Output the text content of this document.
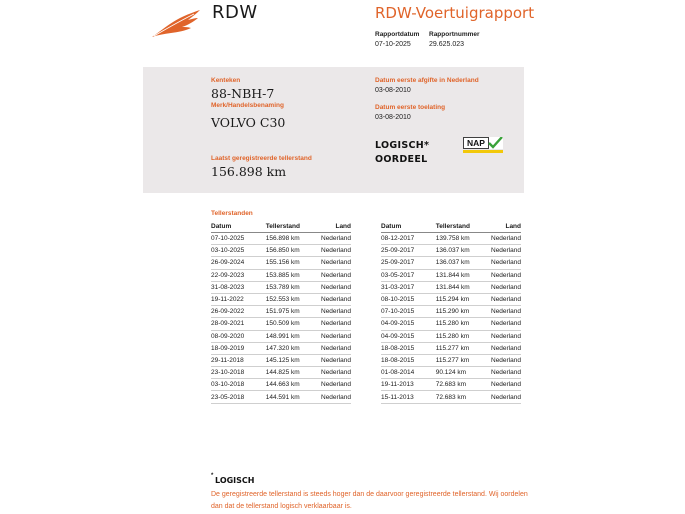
RDW	RDW-Voertuigrapport
Rapportdatum
07-10-2025
Rapportnummer
29.625.023
Kenteken
88-NBH-7
Merk/Handelsbenaming
VOLVO C30
Laatst geregistreerde tellerstand
156.898 km
Datum eerste afgifte in Nederland
03-08-2010
Datum eerste toelating
03-08-2010
LOGISCH*
OORDEEL
NAP
Tellerstanden
Datum	Tellerstand	Land
07-10-2025	156.898 km	Nederland
03-10-2025	156.850 km	Nederland
26-09-2024	155.156 km	Nederland
22-09-2023	153.885 km	Nederland
31-08-2023	153.789 km	Nederland
19-11-2022	152.553 km	Nederland
26-09-2022	151.975 km	Nederland
28-09-2021	150.509 km	Nederland
08-09-2020	148.991 km	Nederland
18-09-2019	147.320 km	Nederland
29-11-2018	145.125 km	Nederland
23-10-2018	144.825 km	Nederland
03-10-2018	144.663 km	Nederland
23-05-2018	144.591 km	Nederland
Datum	Tellerstand	Land
08-12-2017	139.758 km	Nederland
25-09-2017	136.037 km	Nederland
25-09-2017	136.037 km	Nederland
03-05-2017	131.844 km	Nederland
31-03-2017	131.844 km	Nederland
08-10-2015	115.294 km	Nederland
07-10-2015	115.290 km	Nederland
04-09-2015	115.280 km	Nederland
04-09-2015	115.280 km	Nederland
18-08-2015	115.277 km	Nederland
18-08-2015	115.277 km	Nederland
01-08-2014	90.124 km	Nederland
19-11-2013	72.683 km	Nederland
15-11-2013	72.683 km	Nederland
* LOGISCH
De geregistreerde tellerstand is steeds hoger dan de daarvoor geregistreerde tellerstand. Wij oordelen dan dat de tellerstand logisch verklaarbaar is.
